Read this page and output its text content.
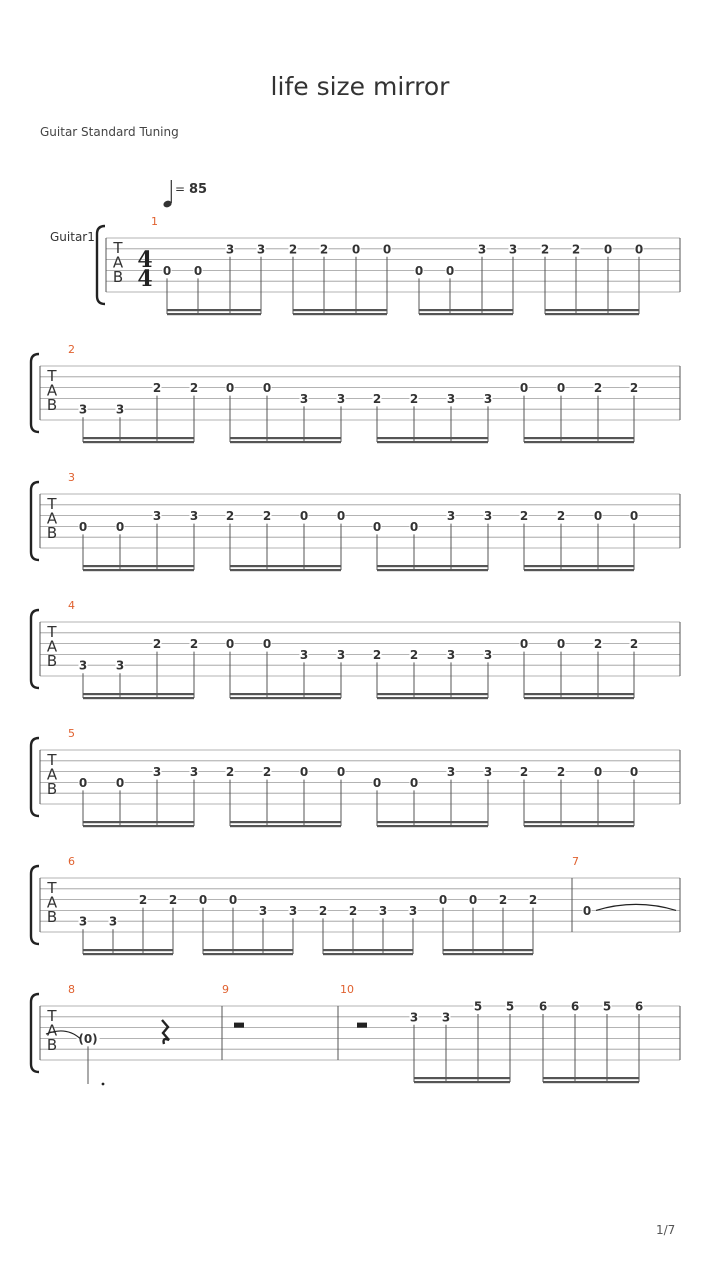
life size mirror
Guitar Standard Tuning
1/7
= 85
Guitar1
T
A
B
4
4
1
0 0
3 3 2 2 0 0
0 0
3 3 2 2 0 0
T
A
B
2
3 3
2 2 0 0
3 3 2 2 3 3
0 0 2 2
T
A
B
3
0 0
3 3 2 2 0 0
0 0
3 3 2 2 0 0
T
A
B
4
3 3
2 2 0 0
3 3 2 2 3 3
0 0 2 2
T
A
B
5
0 0
3 3 2 2 0 0
0 0
3 3 2 2 0 0
T
A
B
6
3 3
2 2 0 0
3 3 2 2 3 3
0 0 2 2
7
0
T
A
B
8
(0)
9	10
3 3
5 5 6 6 5 6
